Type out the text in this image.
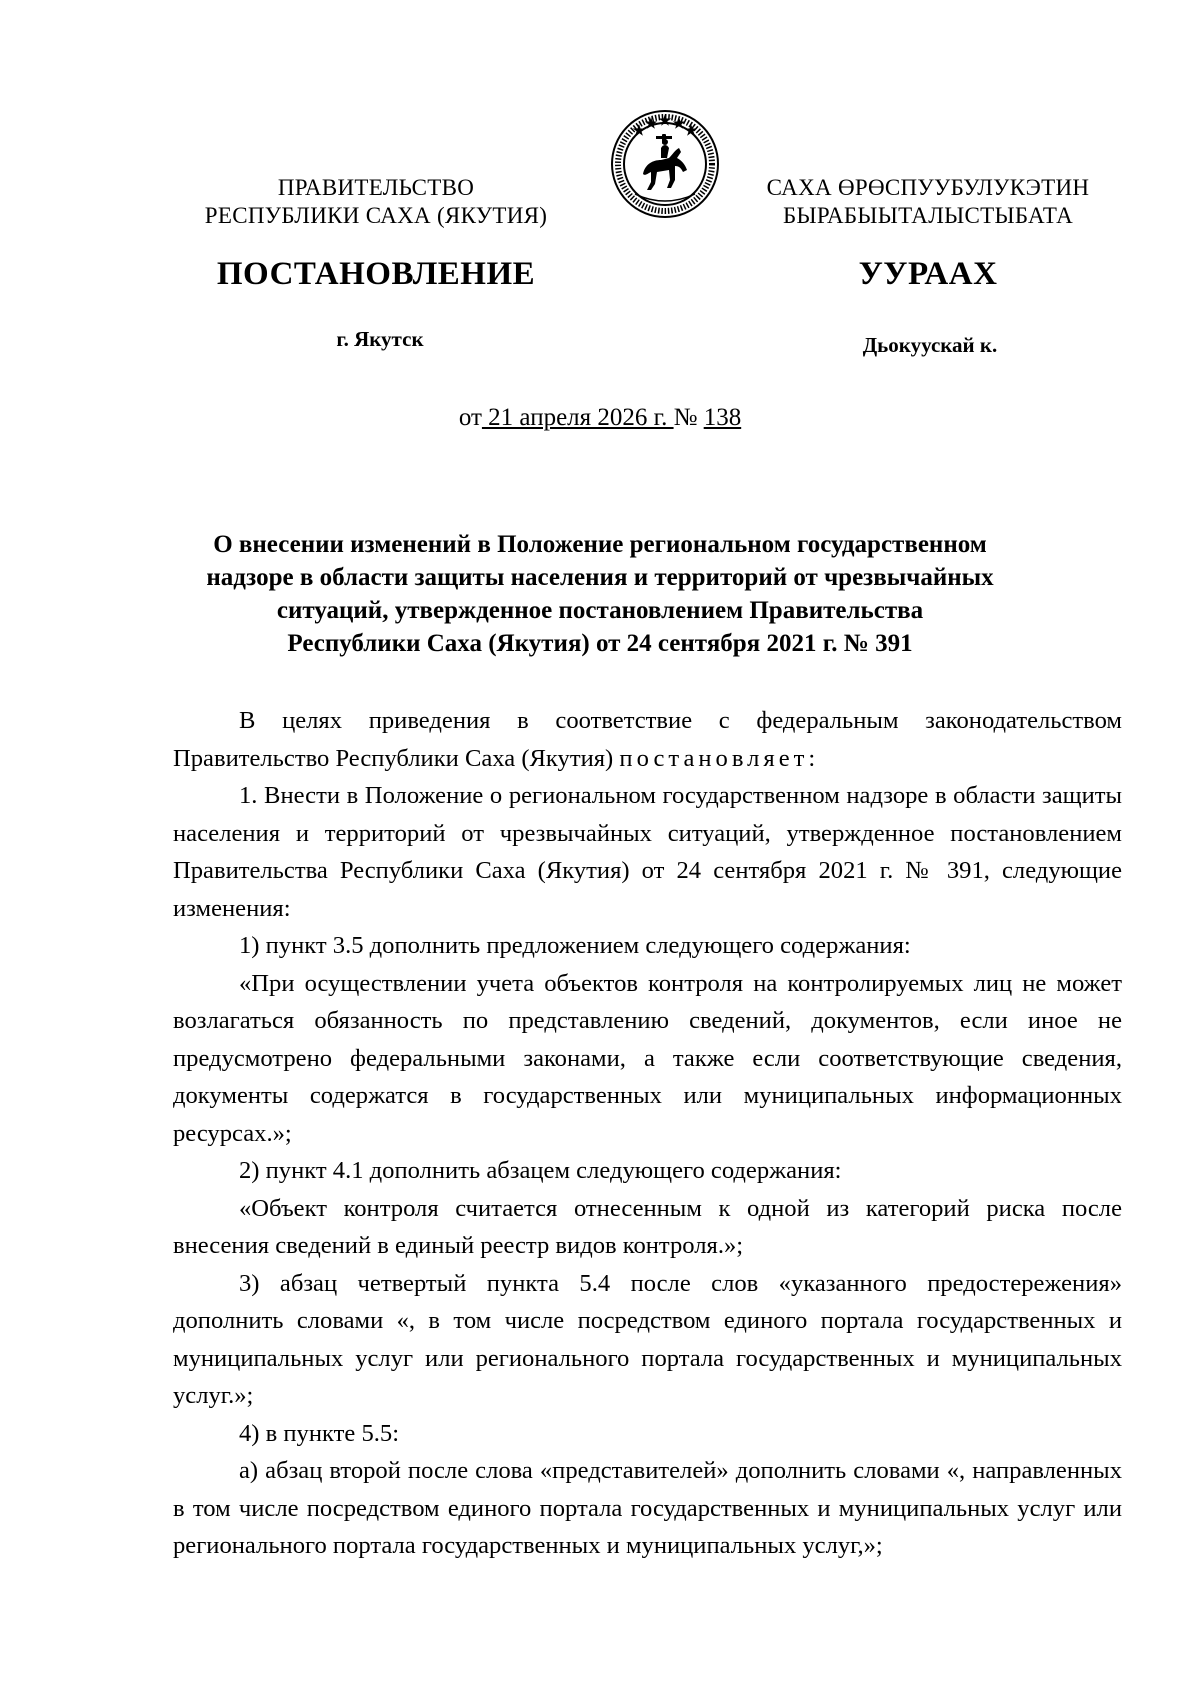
ПРАВИТЕЛЬСТВО
РЕСПУБЛИКИ САХА (ЯКУТИЯ)
САХА ӨРӨСПУУБУЛУКЭТИН
БЫРАБЫЫТАЛЫСТЫБАТА
ПОСТАНОВЛЕНИЕ	УУРААХ
г. Якутск	Дьокуускай к.
от 21 апреля 2026 г. № 138
О внесении изменений в Положение региональном государственном
надзоре в области защиты населения и территорий от чрезвычайных
ситуаций, утвержденное постановлением Правительства
Республики Саха (Якутия) от 24 сентября 2021 г. № 391

В целях приведения в соответствие с федеральным законодательством Правительство Республики Саха (Якутия) постановляет:

1. Внести в Положение о региональном государственном надзоре в области защиты населения и территорий от чрезвычайных ситуаций, утвержденное постановлением Правительства Республики Саха (Якутия) от 24 сентября 2021 г. № 391, следующие изменения:

1) пункт 3.5 дополнить предложением следующего содержания:

«При осуществлении учета объектов контроля на контролируемых лиц не может возлагаться обязанность по представлению сведений, документов, если иное не предусмотрено федеральными законами, а также если соответствующие сведения, документы содержатся в государственных или муниципальных информационных ресурсах.»;

2) пункт 4.1 дополнить абзацем следующего содержания:

«Объект контроля считается отнесенным к одной из категорий риска после внесения сведений в единый реестр видов контроля.»;

3) абзац четвертый пункта 5.4 после слов «указанного предостережения» дополнить словами «, в том числе посредством единого портала государственных и муниципальных услуг или регионального портала государственных и муниципальных услуг.»;

4) в пункте 5.5:

а) абзац второй после слова «представителей» дополнить словами «, направленных в том числе посредством единого портала государственных и муниципальных услуг или регионального портала государственных и муниципальных услуг,»;
